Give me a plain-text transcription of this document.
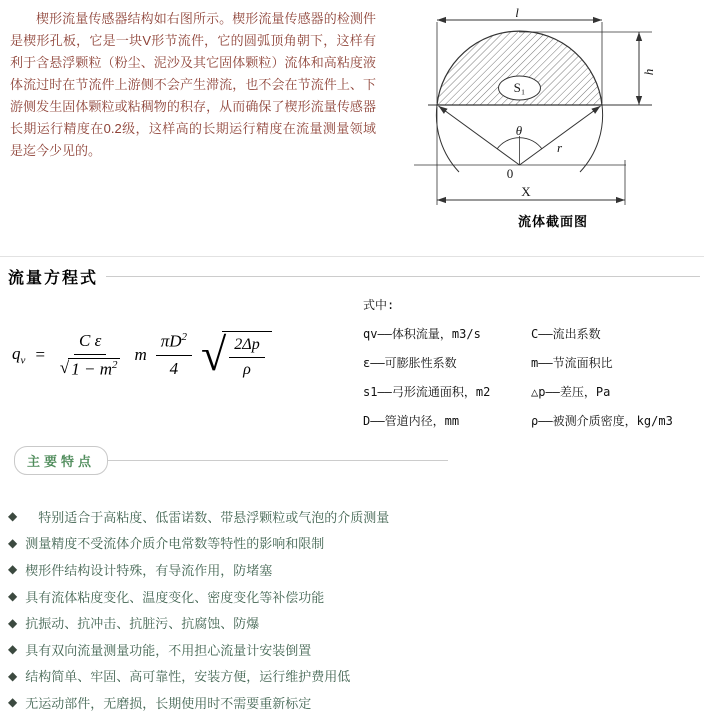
楔形流量传感器结构如右图所示。楔形流量传感器的检测件是楔形孔板，它是一块V形节流件，它的圆弧顶角朝下，这样有利于含悬浮颗粒（粉尘、泥沙及其它固体颗粒）流体和高粘度液体流过时在节流件上游侧不会产生滞流，也不会在节流件上、下游侧发生固体颗粒或粘稠物的积存，从而确保了楔形流量传感器长期运行精度在0.2级，这样高的长期运行精度在流量测量领域是迄今少见的。

l
h
θ
r
0
S₁
X
流体截面图
流量方程式
$q_v = \frac{\text{C ε}}{√ 1 - m^2}$ m $\frac{\pi D^2}{4}$ √ $\frac{2\Delta p}{\rho}$
式中:
qv——体积流量，m3/s	C——流出系数
ε——可膨胀性系数	m——节流面积比
s1——弓形流通面积，m2	△p——差压，Pa
D——管道内径，mm	ρ——被测介质密度，kg/m3
主要特点
◆ 　特别适合于高粘度、低雷诺数、带悬浮颗粒或气泡的介质测量
◆ 测量精度不受流体介质介电常数等特性的影响和限制
◆ 楔形件结构设计特殊，有导流作用，防堵塞
◆ 具有流体粘度变化、温度变化、密度变化等补偿功能
◆ 抗振动、抗冲击、抗脏污、抗腐蚀、防爆
◆ 具有双向流量测量功能，不用担心流量计安装倒置
◆ 结构简单、牢固、高可靠性，安装方便，运行维护费用低
◆ 无运动部件，无磨损，长期使用时不需要重新标定
